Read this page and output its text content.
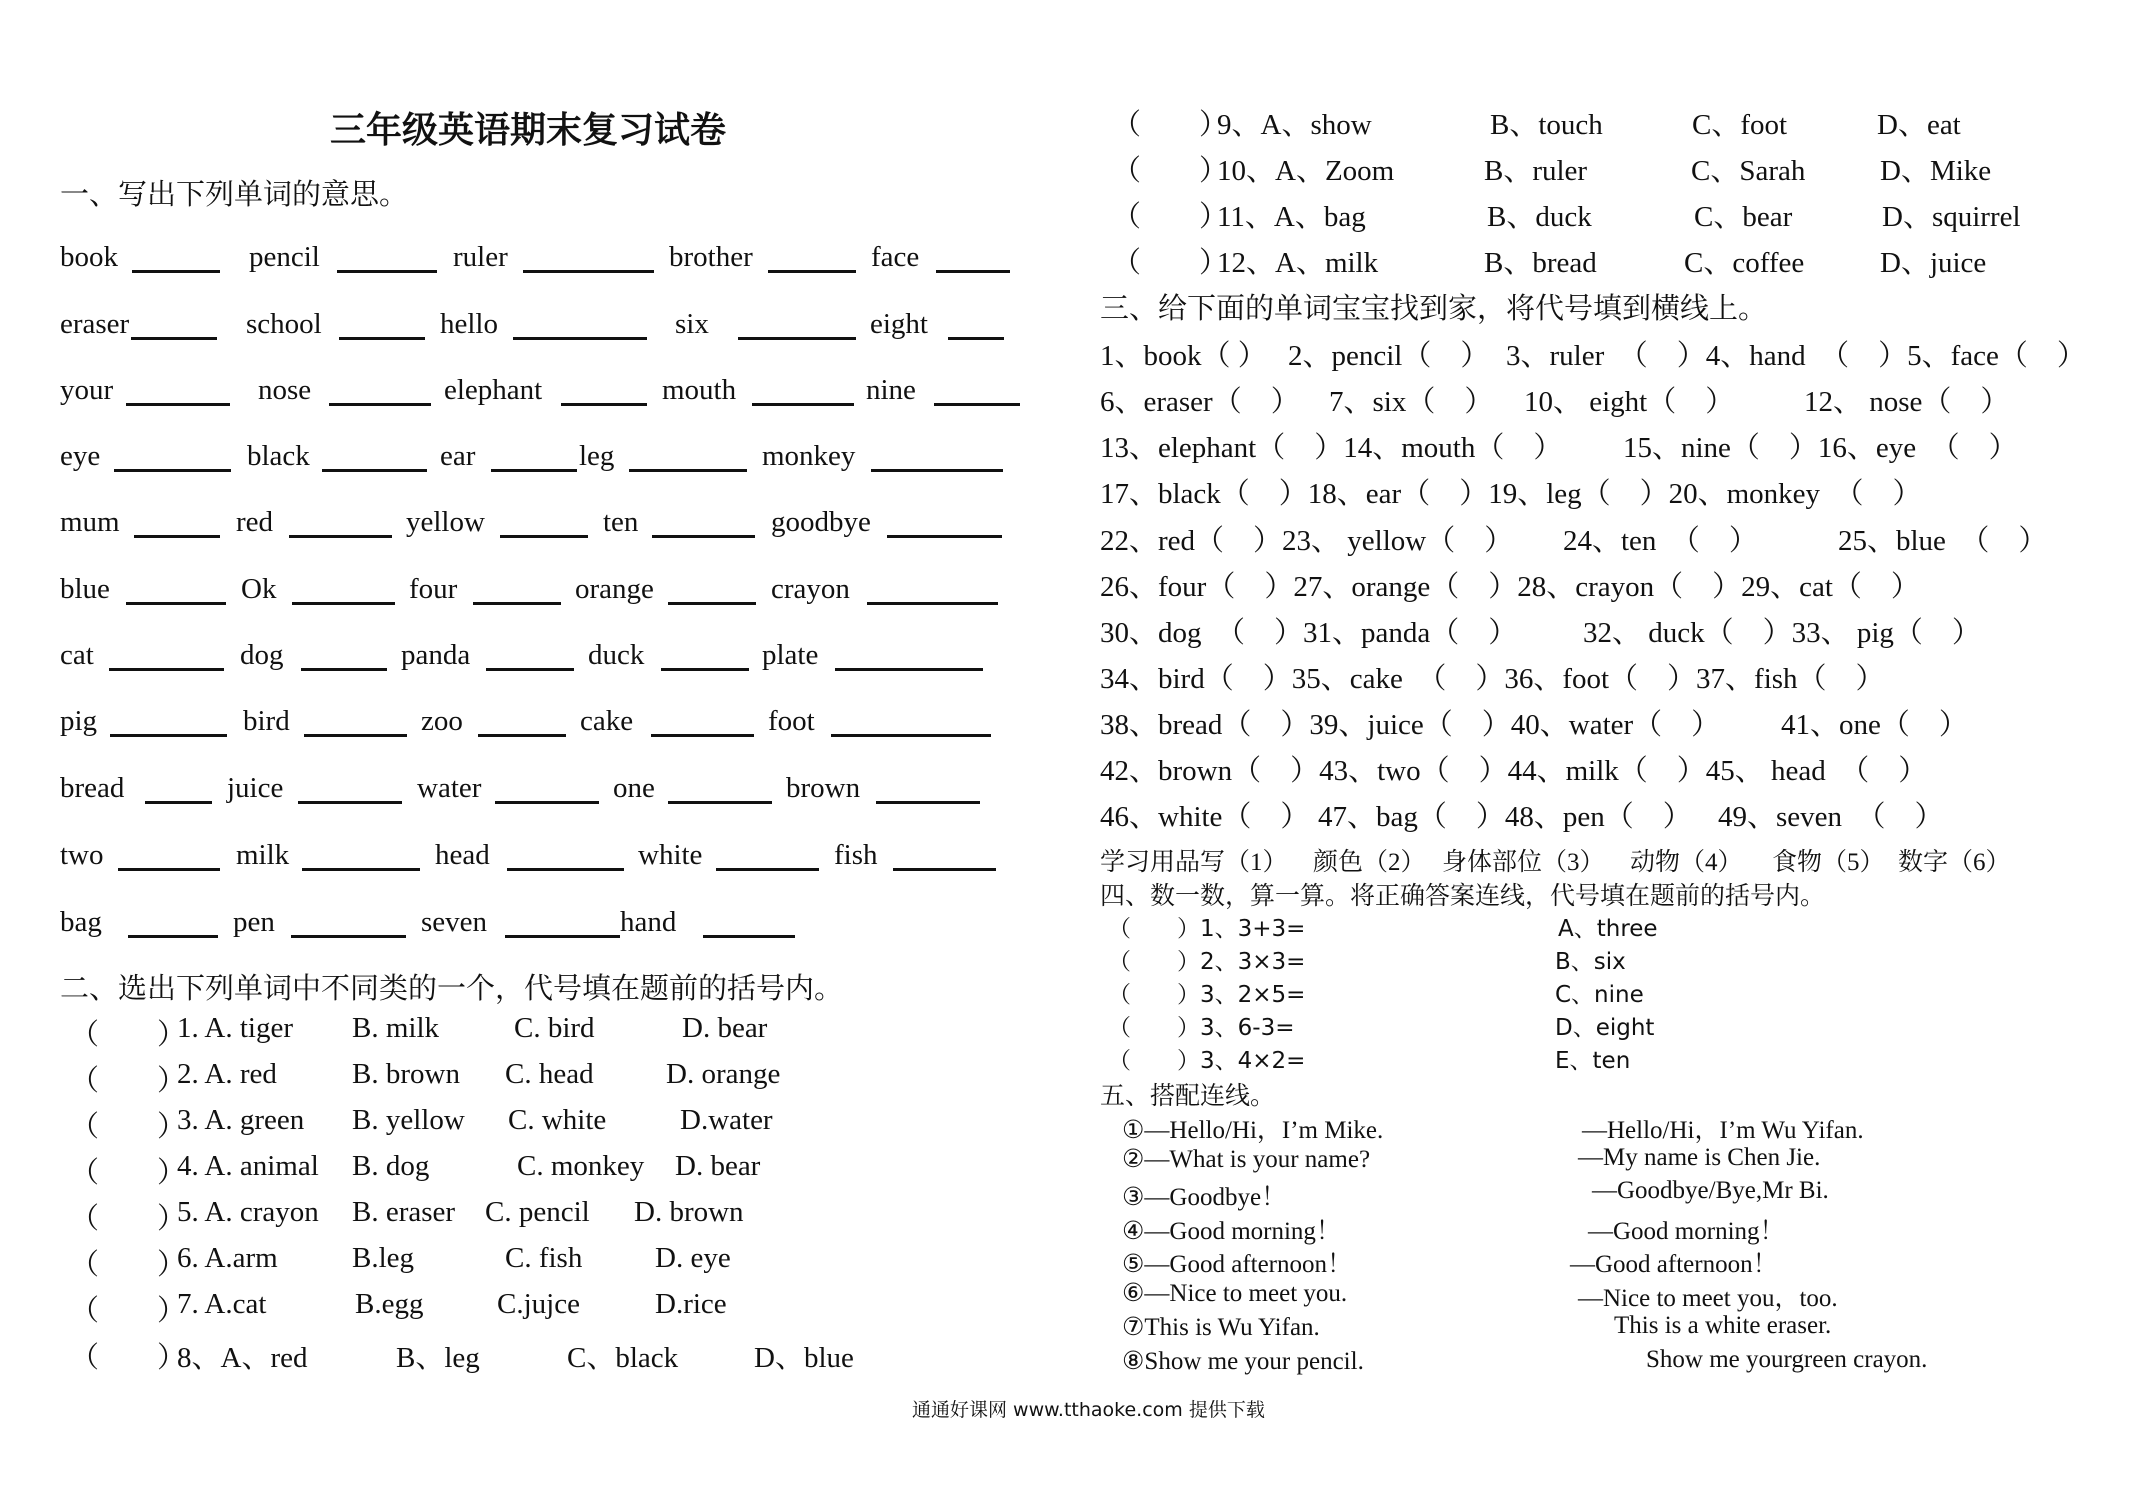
三年级英语期末复习试卷
一、写出下列单词的意思。
book	pencil	ruler	brother	face
eraser	school	hello	six	eight
your	nose	elephant	mouth	nine
eye	black	ear	leg	monkey
mum	red	yellow	ten	goodbye
blue	Ok	four	orange	crayon
cat	dog	panda	duck	plate
pig	bird	zoo	cake	foot
bread	juice	water	one	brown
two	milk	head	white	fish
bag	pen	seven	hand
二、选出下列单词中不同类的一个，代号填在题前的括号内。
（　　）
1. A. tiger B. milk	C. bird	D. bear
（　　）
2. A. red	B. brown C. head D. orange
（　　）
3. A. green B. yellow C. white	D.water
（　　）
4. A. animal B. dog	C. monkey D. bear
（　　）
5. A. crayon B. eraser C. pencil D. brown
（　　）
6. A.arm	B.leg	C. fish	D. eye
（　　）
7. A.cat	B.egg	C.jujce	D.rice
（　　）
8、A、red	B、leg	C、black	D、blue
（　　）
9、A、show	B、touch	C、foot	D、eat
（　　）
10、A、Zoom	B、ruler	C、Sarah	D、Mike
（　　）
11、A、bag	B、duck	C、bear	D、squirrel
（　　）
12、A、milk	B、bread	C、coffee	D、juice
三、给下面的单词宝宝找到家，将代号填到横线上。
1、book（ ） 2、pencil（　） 3、ruler　（　）4、hand　（　）5、face（　）
6、eraser（　） 7、six（　） 10、 eight（　） 12、 nose（　）
13、elephant（　）14、mouth（　） 15、nine（　）16、eye　（　）
17、black（　）18、ear（　）19、leg（　）20、monkey　（　）
22、red（　）23、 yellow（　） 24、ten　（　）	25、blue　（　）
26、four（　）27、orange（　）28、crayon（　）29、cat（　）
30、dog　（　）31、panda（　） 32、 duck（　）33、 pig（　）
34、bird（　）35、cake　（　）36、foot（　）37、fish（　）
38、bread（　）39、juice（　）40、water（　） 41、one（　）
42、brown（　）43、two（　）44、milk（　）45、 head　（　）
46、white（　） 47、bag（　）48、pen（　） 49、seven　（　）
学习用品写（1） 颜色（2） 身体部位（3） 动物（4） 食物（5） 数字（6）
四、数一数，算一算。将正确答案连线，代号填在题前的括号内。
（　　） 1、3+3=	A、three
（　　） 2、3×3=	B、six
（　　） 3、2×5=	C、nine
（　　） 3、6-3=	D、eight
（　　） 3、4×2=	E、ten
五、搭配连线。
①—Hello/Hi，I’m Mike.	—Hello/Hi，I’m Wu Yifan.
②—What is your name?	—My name is Chen Jie.
③—Goodbye！	—Goodbye/Bye,Mr Bi.
④—Good morning！	—Good morning！
⑤—Good afternoon！	—Good afternoon！
⑥—Nice to meet you.	—Nice to meet you，too.
⑦This is Wu Yifan.	This is a white eraser.
⑧Show me your pencil.	Show me yourgreen crayon.
通通好课网 www.tthaoke.com 提供下载
